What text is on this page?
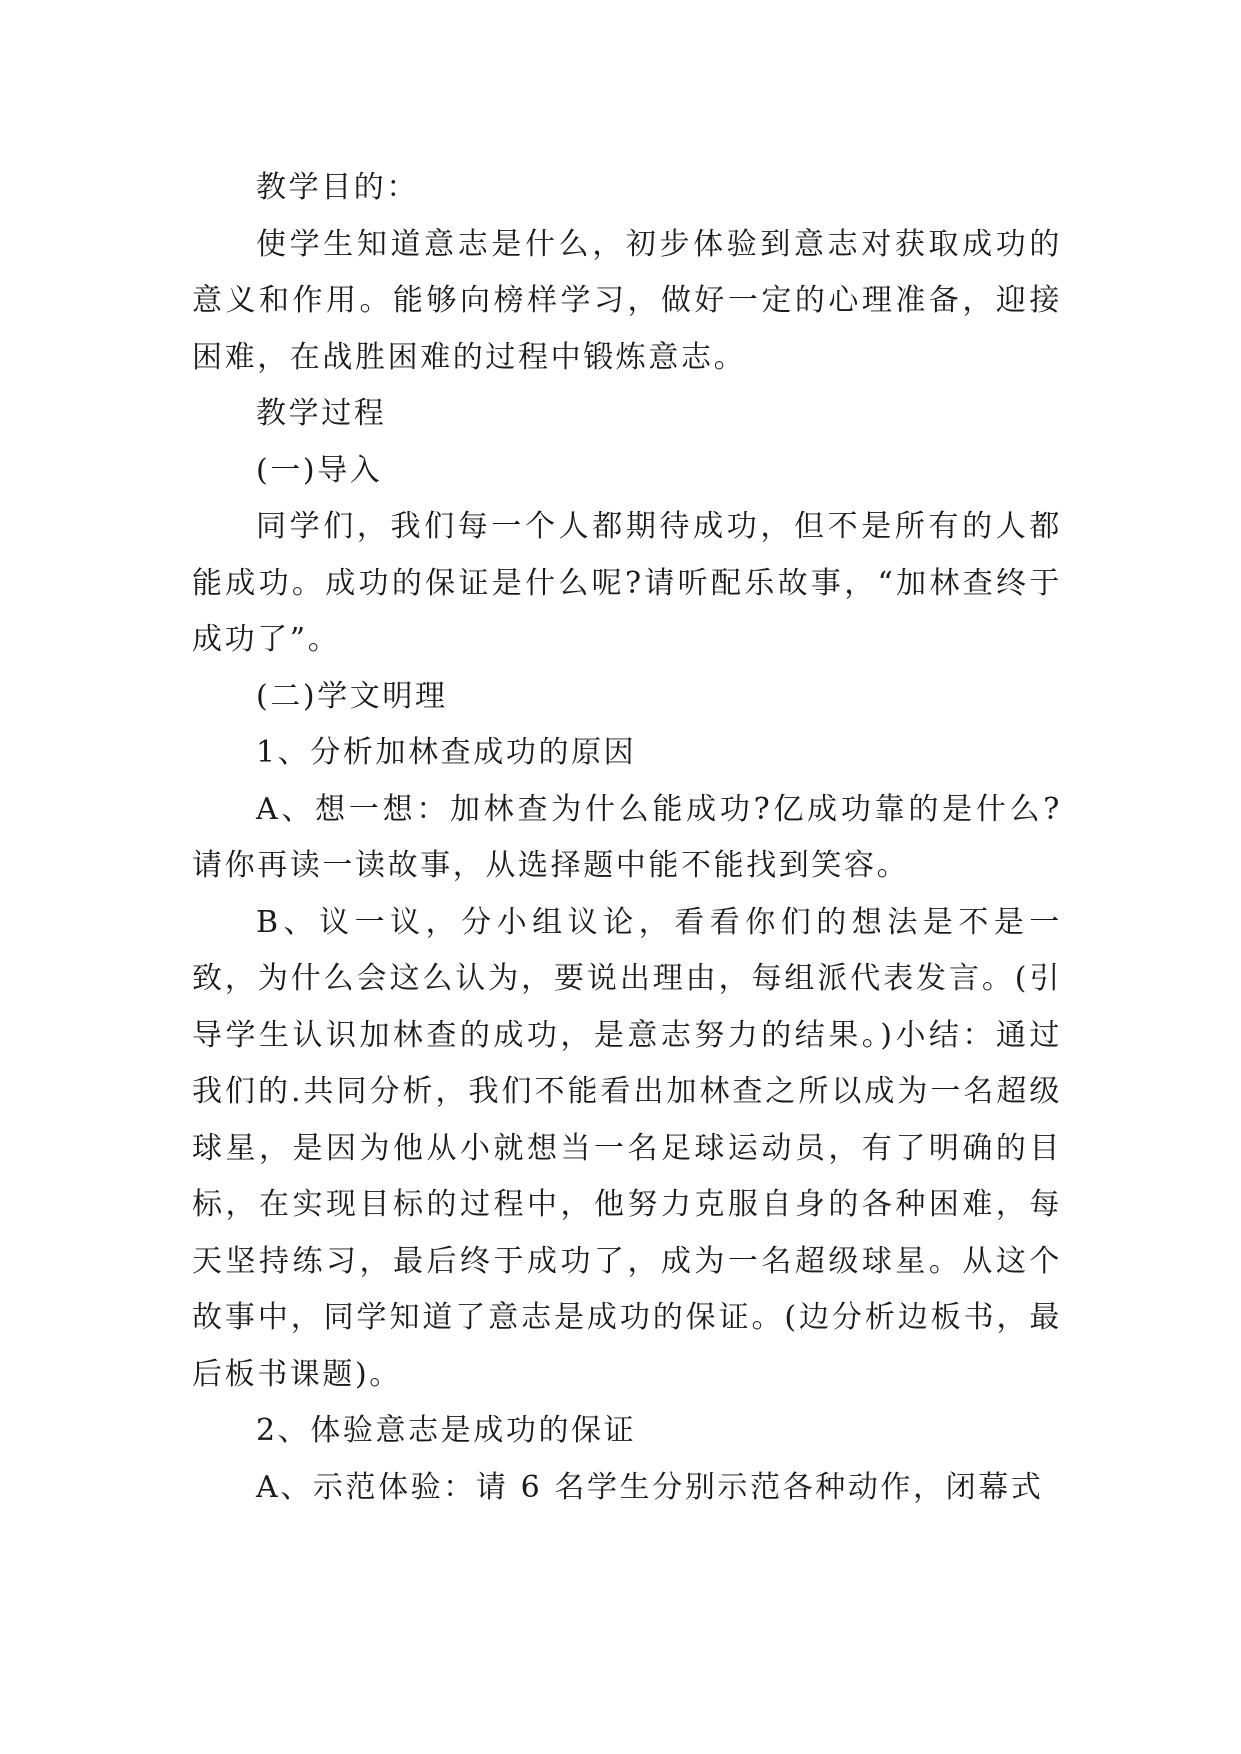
教学目的：

使学生知道意志是什么，初步体验到意志对获取成功的意义和作用。能够向榜样学习，做好一定的心理准备，迎接困难，在战胜困难的过程中锻炼意志。

教学过程

(一)导入

同学们，我们每一个人都期待成功，但不是所有的人都能成功。成功的保证是什么呢?请听配乐故事，“加林查终于成功了”。

(二)学文明理

1、分析加林查成功的原因

A、想一想：加林查为什么能成功?亿成功靠的是什么?请你再读一读故事，从选择题中能不能找到笑容。

B、议一议，分小组议论，看看你们的想法是不是一致，为什么会这么认为，要说出理由，每组派代表发言。(引导学生认识加林查的成功，是意志努力的结果。)小结：通过我们的.共同分析，我们不能看出加林查之所以成为一名超级球星，是因为他从小就想当一名足球运动员，有了明确的目标，在实现目标的过程中，他努力克服自身的各种困难，每天坚持练习，最后终于成功了，成为一名超级球星。从这个故事中，同学知道了意志是成功的保证。(边分析边板书，最后板书课题)。

2、体验意志是成功的保证

A、示范体验：请 6 名学生分别示范各种动作，闭幕式
